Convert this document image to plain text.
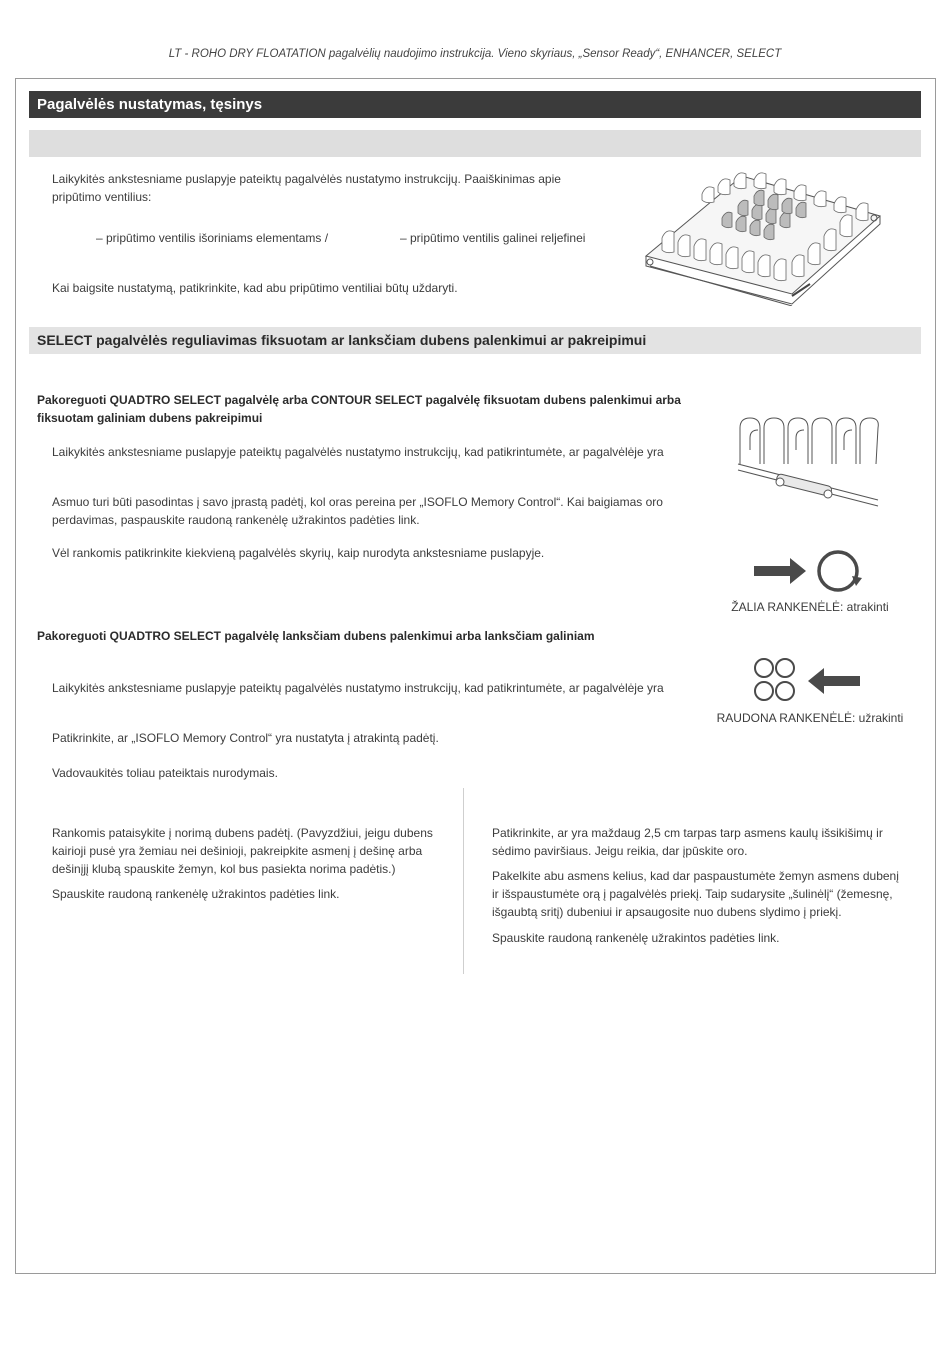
LT - ROHO DRY FLOATATION pagalvėlių naudojimo instrukcija. Vieno skyriaus, „Sensor Ready“, ENHANCER, SELECT
Pagalvėlės nustatymas, tęsinys
Laikykitės ankstesniame puslapyje pateiktų pagalvėlės nustatymo instrukcijų. Paaiškinimas apie pripūtimo ventilius:
– pripūtimo ventilis išoriniams elementams /	– pripūtimo ventilis galinei reljefinei
Kai baigsite nustatymą, patikrinkite, kad abu pripūtimo ventiliai būtų uždaryti.
SELECT pagalvėlės reguliavimas fiksuotam ar lanksčiam dubens palenkimui ar pakreipimui
Pakoreguoti QUADTRO SELECT pagalvėlę arba CONTOUR SELECT pagalvėlę fiksuotam dubens palenkimui arba fiksuotam galiniam dubens pakreipimui
Laikykitės ankstesniame puslapyje pateiktų pagalvėlės nustatymo instrukcijų, kad patikrintumėte, ar pagalvėlėje yra
Asmuo turi būti pasodintas į savo įprastą padėtį, kol oras pereina per „ISOFLO Memory Control“. Kai baigiamas oro perdavimas, paspauskite raudoną rankenėlę užrakintos padėties link.
Vėl rankomis patikrinkite kiekvieną pagalvėlės skyrių, kaip nurodyta ankstesniame puslapyje.
ŽALIA RANKENĖLĖ: atrakinti
Pakoreguoti QUADTRO SELECT pagalvėlę lanksčiam dubens palenkimui arba lanksčiam galiniam
Laikykitės ankstesniame puslapyje pateiktų pagalvėlės nustatymo instrukcijų, kad patikrintumėte, ar pagalvėlėje yra
RAUDONA RANKENĖLĖ: užrakinti
Patikrinkite, ar „ISOFLO Memory Control“ yra nustatyta į atrakintą padėtį.
Vadovaukitės toliau pateiktais nurodymais.
Rankomis pataisykite į norimą dubens padėtį. (Pavyzdžiui, jeigu dubens kairioji pusė yra žemiau nei dešinioji, pakreipkite asmenį į dešinę arba dešinįjį klubą spauskite žemyn, kol bus pasiekta norima padėtis.)
Spauskite raudoną rankenėlę užrakintos padėties link.
Patikrinkite, ar yra maždaug 2,5 cm tarpas tarp asmens kaulų išsikišimų ir sėdimo paviršiaus. Jeigu reikia, dar įpūskite oro.
Pakelkite abu asmens kelius, kad dar paspaustumėte žemyn asmens dubenį ir išspaustumėte orą į pagalvėlės priekį. Taip sudarysite „šulinėlį“ (žemesnę, išgaubtą sritį) dubeniui ir apsaugosite nuo dubens slydimo į priekį.
Spauskite raudoną rankenėlę užrakintos padėties link.
